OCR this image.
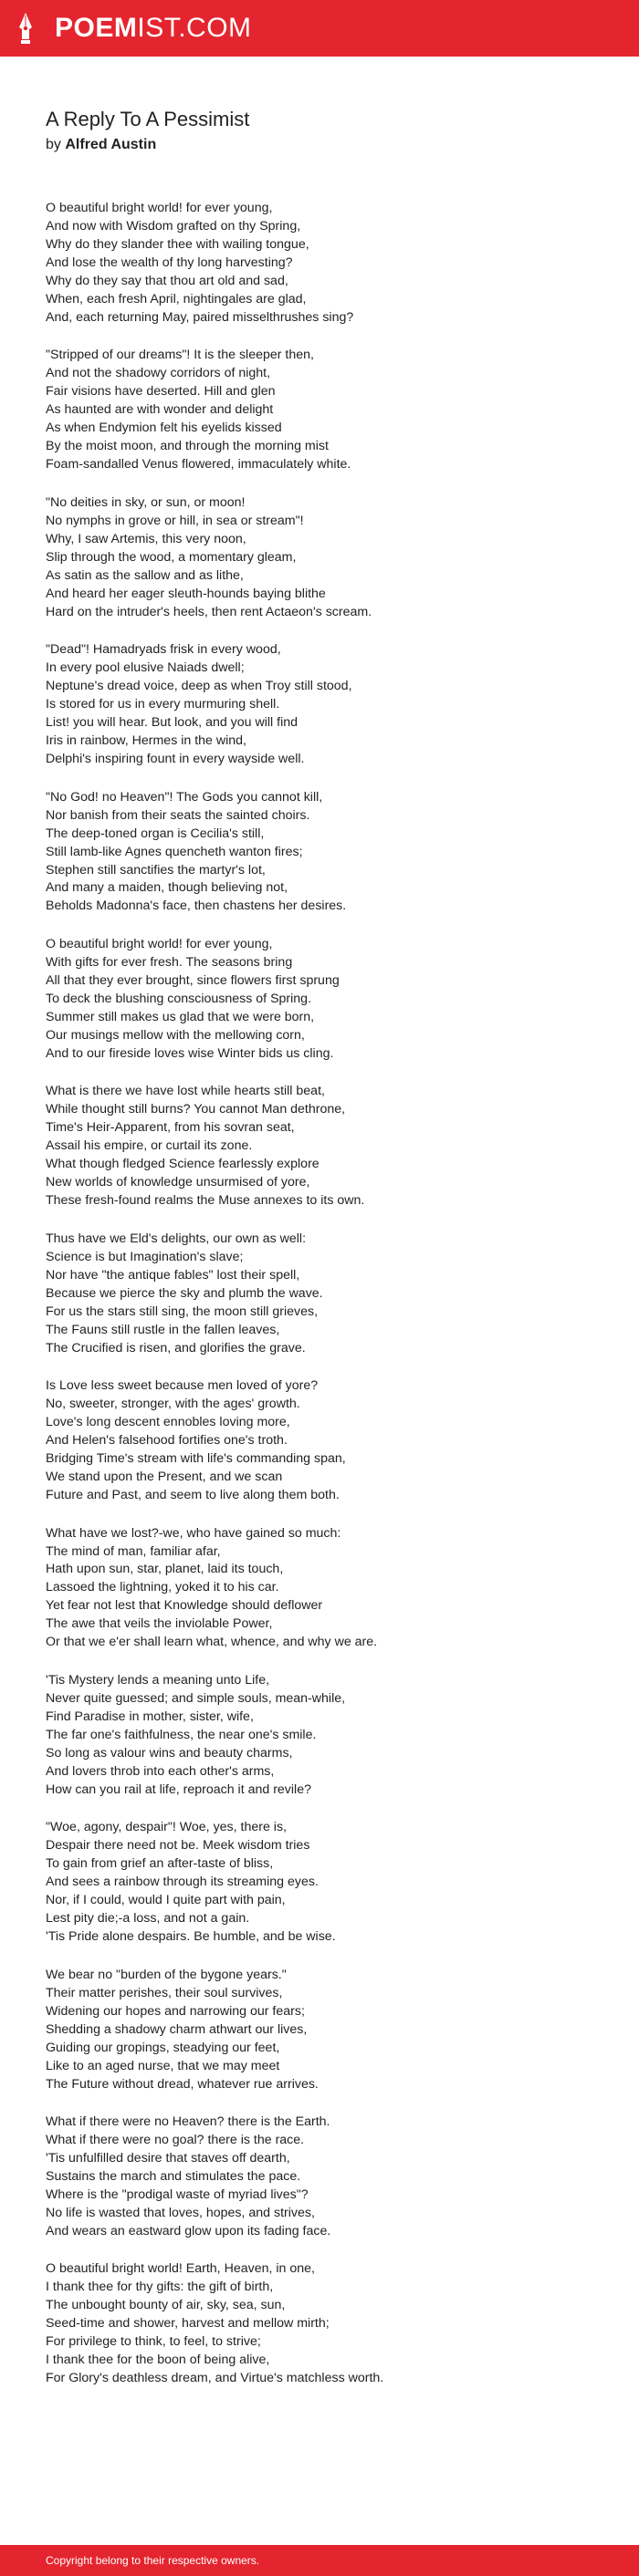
POEMIST.COM
A Reply To A Pessimist
by Alfred Austin

O beautiful bright world! for ever young,
And now with Wisdom grafted on thy Spring,
Why do they slander thee with wailing tongue,
And lose the wealth of thy long harvesting?
Why do they say that thou art old and sad,
When, each fresh April, nightingales are glad,
And, each returning May, paired misselthrushes sing?

"Stripped of our dreams"! It is the sleeper then,
And not the shadowy corridors of night,
Fair visions have deserted. Hill and glen
As haunted are with wonder and delight
As when Endymion felt his eyelids kissed
By the moist moon, and through the morning mist
Foam-sandalled Venus flowered, immaculately white.

"No deities in sky, or sun, or moon!
No nymphs in grove or hill, in sea or stream"!
Why, I saw Artemis, this very noon,
Slip through the wood, a momentary gleam,
As satin as the sallow and as lithe,
And heard her eager sleuth-hounds baying blithe
Hard on the intruder's heels, then rent Actaeon's scream.

"Dead"! Hamadryads frisk in every wood,
In every pool elusive Naiads dwell;
Neptune's dread voice, deep as when Troy still stood,
Is stored for us in every murmuring shell.
List! you will hear. But look, and you will find
Iris in rainbow, Hermes in the wind,
Delphi's inspiring fount in every wayside well.

"No God! no Heaven"! The Gods you cannot kill,
Nor banish from their seats the sainted choirs.
The deep-toned organ is Cecilia's still,
Still lamb-like Agnes quencheth wanton fires;
Stephen still sanctifies the martyr's lot,
And many a maiden, though believing not,
Beholds Madonna's face, then chastens her desires.

O beautiful bright world! for ever young,
With gifts for ever fresh. The seasons bring
All that they ever brought, since flowers first sprung
To deck the blushing consciousness of Spring.
Summer still makes us glad that we were born,
Our musings mellow with the mellowing corn,
And to our fireside loves wise Winter bids us cling.

What is there we have lost while hearts still beat,
While thought still burns? You cannot Man dethrone,
Time's Heir-Apparent, from his sovran seat,
Assail his empire, or curtail its zone.
What though fledged Science fearlessly explore
New worlds of knowledge unsurmised of yore,
These fresh-found realms the Muse annexes to its own.

Thus have we Eld's delights, our own as well:
Science is but Imagination's slave;
Nor have "the antique fables" lost their spell,
Because we pierce the sky and plumb the wave.
For us the stars still sing, the moon still grieves,
The Fauns still rustle in the fallen leaves,
The Crucified is risen, and glorifies the grave.

Is Love less sweet because men loved of yore?
No, sweeter, stronger, with the ages' growth.
Love's long descent ennobles loving more,
And Helen's falsehood fortifies one's troth.
Bridging Time's stream with life's commanding span,
We stand upon the Present, and we scan
Future and Past, and seem to live along them both.

What have we lost?-we, who have gained so much:
The mind of man, familiar afar,
Hath upon sun, star, planet, laid its touch,
Lassoed the lightning, yoked it to his car.
Yet fear not lest that Knowledge should deflower
The awe that veils the inviolable Power,
Or that we e'er shall learn what, whence, and why we are.

'Tis Mystery lends a meaning unto Life,
Never quite guessed; and simple souls, mean-while,
Find Paradise in mother, sister, wife,
The far one's faithfulness, the near one's smile.
So long as valour wins and beauty charms,
And lovers throb into each other's arms,
How can you rail at life, reproach it and revile?

"Woe, agony, despair"! Woe, yes, there is,
Despair there need not be. Meek wisdom tries
To gain from grief an after-taste of bliss,
And sees a rainbow through its streaming eyes.
Nor, if I could, would I quite part with pain,
Lest pity die;-a loss, and not a gain.
'Tis Pride alone despairs. Be humble, and be wise.

We bear no "burden of the bygone years."
Their matter perishes, their soul survives,
Widening our hopes and narrowing our fears;
Shedding a shadowy charm athwart our lives,
Guiding our gropings, steadying our feet,
Like to an aged nurse, that we may meet
The Future without dread, whatever rue arrives.

What if there were no Heaven? there is the Earth.
What if there were no goal? there is the race.
'Tis unfulfilled desire that staves off dearth,
Sustains the march and stimulates the pace.
Where is the "prodigal waste of myriad lives"?
No life is wasted that loves, hopes, and strives,
And wears an eastward glow upon its fading face.

O beautiful bright world! Earth, Heaven, in one,
I thank thee for thy gifts: the gift of birth,
The unbought bounty of air, sky, sea, sun,
Seed-time and shower, harvest and mellow mirth;
For privilege to think, to feel, to strive;
I thank thee for the boon of being alive,
For Glory's deathless dream, and Virtue's matchless worth.

Copyright belong to their respective owners.
